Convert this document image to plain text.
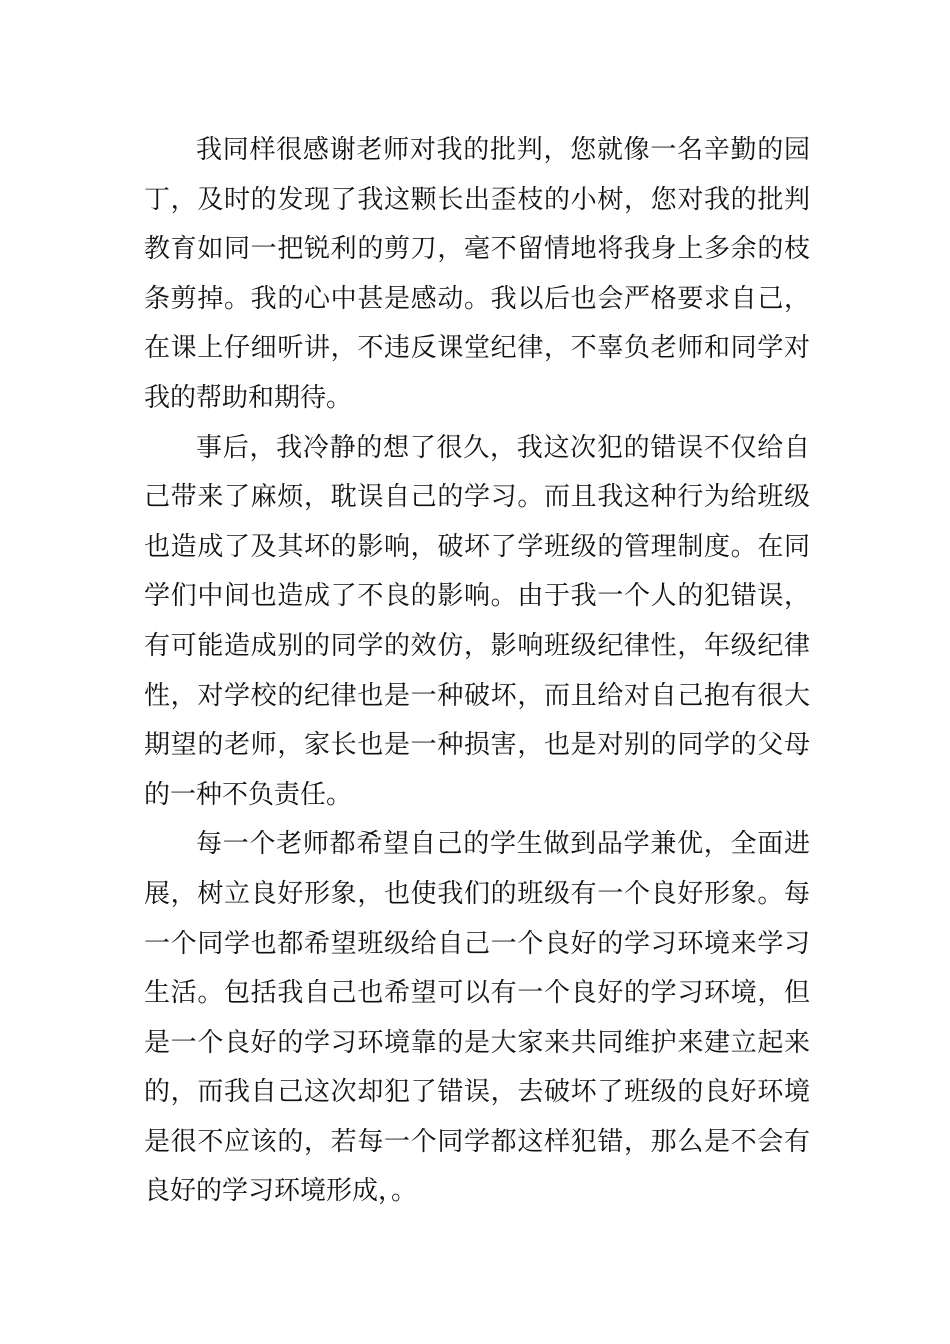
我同样很感谢老师对我的批判，您就像一名辛勤的园
丁，及时的发现了我这颗长出歪枝的小树，您对我的批判
教育如同一把锐利的剪刀，毫不留情地将我身上多余的枝
条剪掉。我的心中甚是感动。我以后也会严格要求自己，
在课上仔细听讲，不违反课堂纪律，不辜负老师和同学对
我的帮助和期待。
事后，我冷静的想了很久，我这次犯的错误不仅给自
己带来了麻烦，耽误自己的学习。而且我这种行为给班级
也造成了及其坏的影响，破坏了学班级的管理制度。在同
学们中间也造成了不良的影响。由于我一个人的犯错误，
有可能造成别的同学的效仿，影响班级纪律性，年级纪律
性，对学校的纪律也是一种破坏，而且给对自己抱有很大
期望的老师，家长也是一种损害，也是对别的同学的父母
的一种不负责任。
每一个老师都希望自己的学生做到品学兼优，全面进
展，树立良好形象，也使我们的班级有一个良好形象。每
一个同学也都希望班级给自己一个良好的学习环境来学习
生活。包括我自己也希望可以有一个良好的学习环境，但
是一个良好的学习环境靠的是大家来共同维护来建立起来
的，而我自己这次却犯了错误，去破坏了班级的良好环境
是很不应该的，若每一个同学都这样犯错，那么是不会有
良好的学习环境形成，。
